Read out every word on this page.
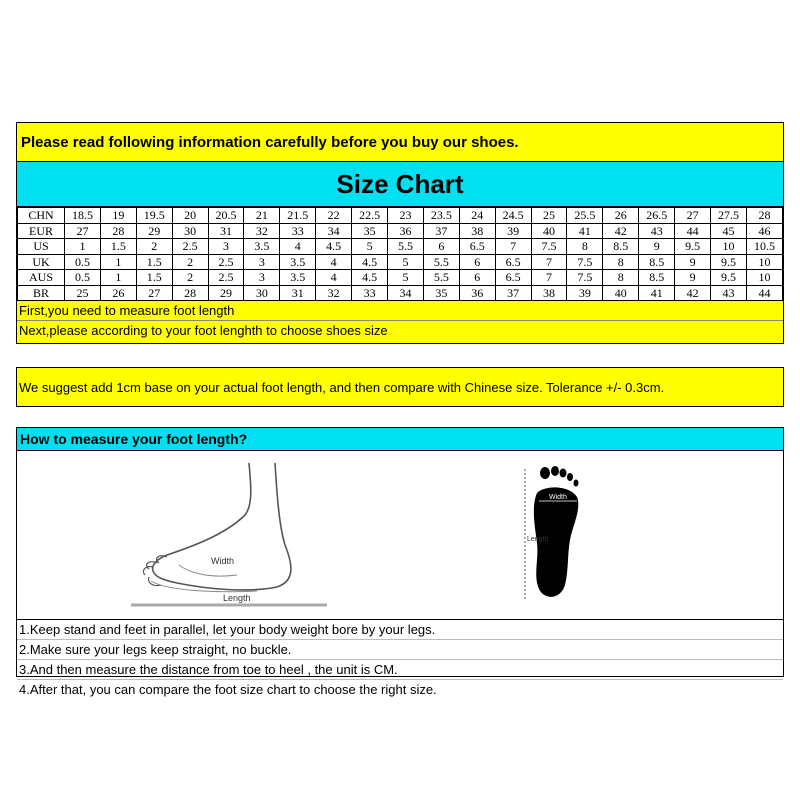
Please read following information carefully before you buy our shoes.
Size Chart
CHN	18.5	19	19.5	20	20.5	21	21.5	22	22.5	23	23.5	24	24.5	25	25.5	26	26.5	27	27.5	28
EUR	27	28	29	30	31	32	33	34	35	36	37	38	39	40	41	42	43	44	45	46
US	1	1.5	2	2.5	3	3.5	4	4.5	5	5.5	6	6.5	7	7.5	8	8.5	9	9.5	10	10.5
UK	0.5	1	1.5	2	2.5	3	3.5	4	4.5	5	5.5	6	6.5	7	7.5	8	8.5	9	9.5	10
AUS	0.5	1	1.5	2	2.5	3	3.5	4	4.5	5	5.5	6	6.5	7	7.5	8	8.5	9	9.5	10
BR	25	26	27	28	29	30	31	32	33	34	35	36	37	38	39	40	41	42	43	44
First,you need to measure foot length
Next,please according to your foot lenghth to choose shoes size
We suggest add 1cm base on your actual foot length, and then compare with Chinese size. Tolerance +/- 0.3cm.
How to measure your foot length?
Width
Length
Width
Length
1.Keep stand and feet in parallel, let your body weight bore by your legs.
2.Make sure your legs keep straight, no buckle.
3.And then measure the distance from toe to heel , the unit is CM.
4.After that, you can compare the foot size chart to choose the right size.
